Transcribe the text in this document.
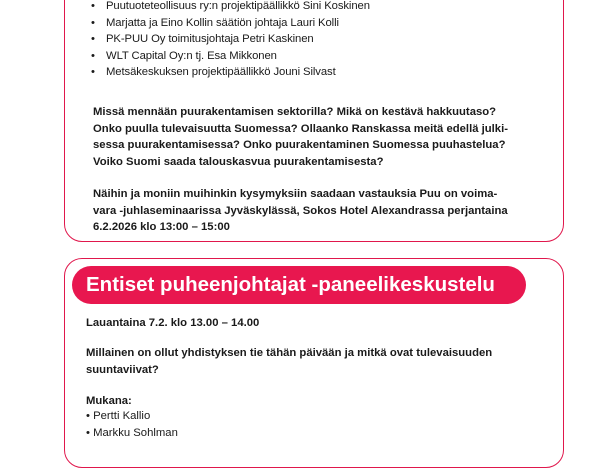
• Puutuoteteollisuus ry:n projektipäällikkö Sini Koskinen
• Marjatta ja Eino Kollin säätiön johtaja Lauri Kolli
• PK-PUU Oy toimitusjohtaja Petri Kaskinen
• WLT Capital Oy:n tj. Esa Mikkonen
• Metsäkeskuksen projektipäällikkö Jouni Silvast

Missä mennään puurakentamisen sektorilla? Mikä on kestävä hakkuutaso?
Onko puulla tulevaisuutta Suomessa? Ollaanko Ranskassa meitä edellä julki-
sessa puurakentamisessa? Onko puurakentaminen Suomessa puuhastelua?
Voiko Suomi saada talouskasvua puurakentamisesta?

Näihin ja moniin muihinkin kysymyksiin saadaan vastauksia Puu on voima-
vara -juhlaseminaarissa Jyväskylässä, Sokos Hotel Alexandrassa perjantaina
6.2.2026 klo 13:00 – 15:00

Entiset puheenjohtajat -paneelikeskustelu

Lauantaina 7.2. klo 13.00 – 14.00

Millainen on ollut yhdistyksen tie tähän päivään ja mitkä ovat tulevaisuuden
suuntaviivat?

Mukana:

• Pertti Kallio
• Markku Sohlman
